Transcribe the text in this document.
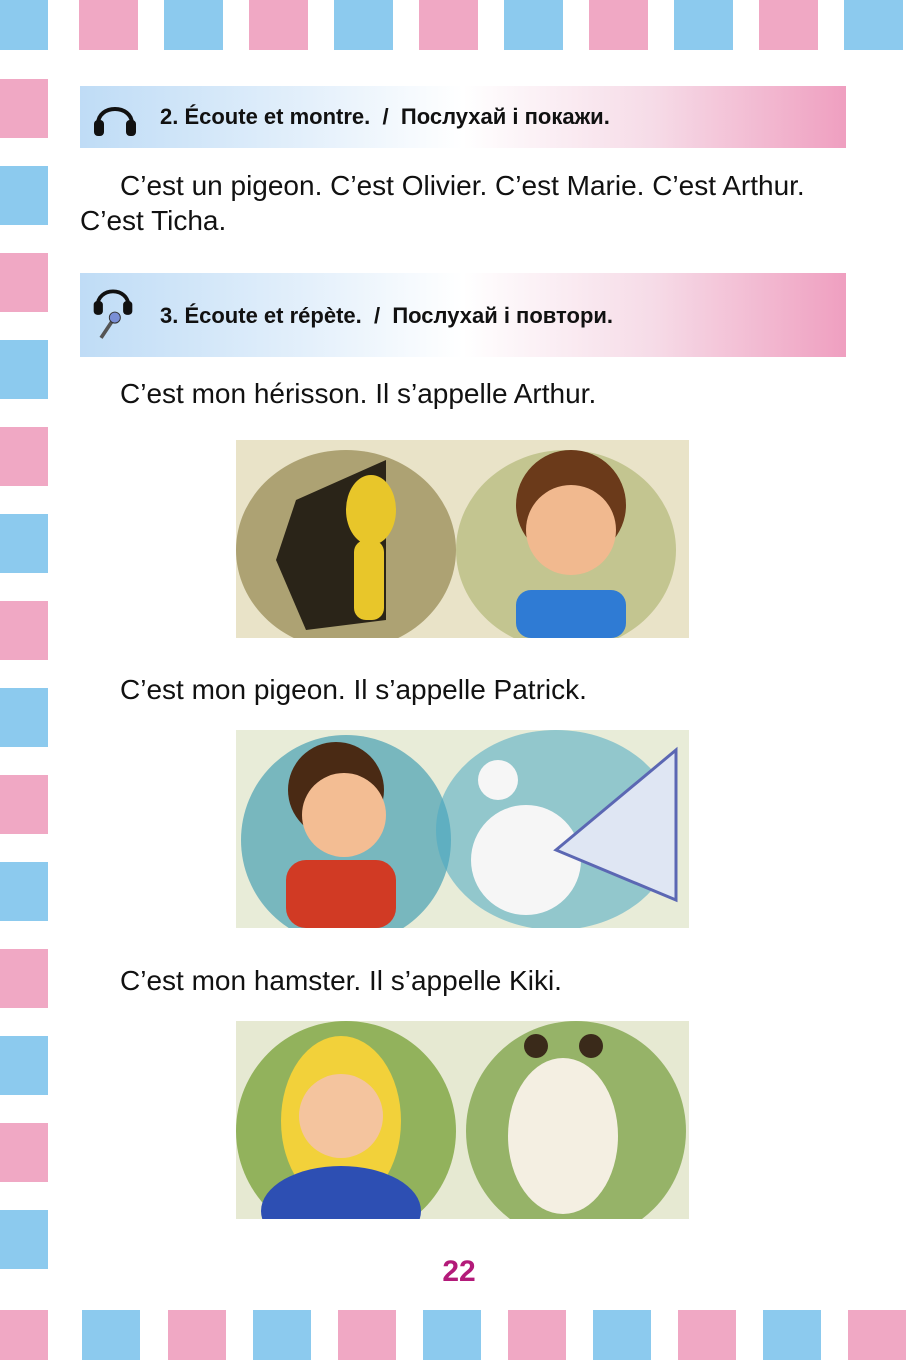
2. Écoute et montre. / Послухай і покажи.
C’est un pigeon. C’est Olivier. C’est Marie. C’est Arthur. C’est Ticha.
3. Écoute et répète. / Послухай і повтори.
C’est mon hérisson. Il s’appelle Arthur.
C’est mon pigeon. Il s’appelle Patrick.
C’est mon hamster. Il s’appelle Kiki.
22
